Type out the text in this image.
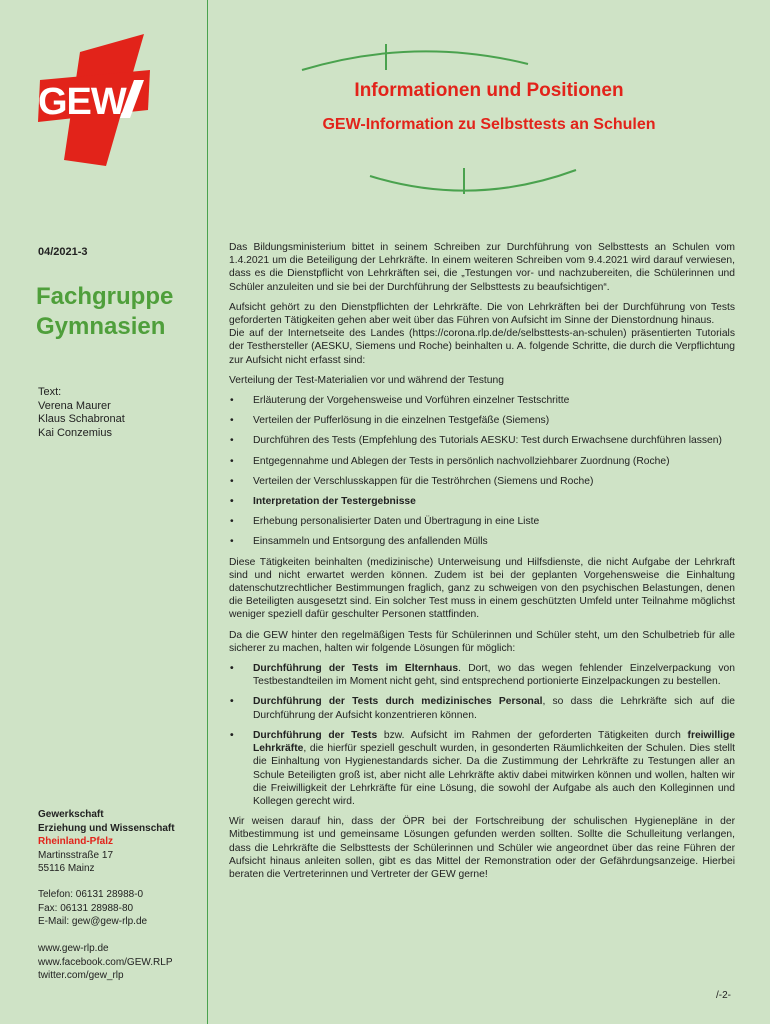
GEW
04/2021-3
Fachgruppe
Gymnasien
Text:
Verena Maurer
Klaus Schabronat
Kai Conzemius
Gewerkschaft
Erziehung und Wissenschaft
Rheinland-Pfalz
Martinsstraße 17
55116 Mainz
Telefon: 06131 28988-0
Fax: 06131 28988-80
E-Mail: gew@gew-rlp.de
www.gew-rlp.de
www.facebook.com/GEW.RLP
twitter.com/gew_rlp
Informationen und Positionen
GEW-Information zu Selbsttests an Schulen

Das Bildungsministerium bittet in seinem Schreiben zur Durchführung von Selbsttests an Schulen vom 1.4.2021 um die Beteiligung der Lehrkräfte. In einem weiteren Schreiben vom 9.4.2021 wird darauf verwiesen, dass es die Dienstpflicht von Lehrkräften sei, die „Testungen vor- und nachzubereiten, die Schülerinnen und Schüler anzuleiten und sie bei der Durchführung der Selbsttests zu beaufsichtigen“.

Aufsicht gehört zu den Dienstpflichten der Lehrkräfte. Die von Lehrkräften bei der Durchführung von Tests geforderten Tätigkeiten gehen aber weit über das Führen von Aufsicht im Sinne der Dienstordnung hinaus.

Die auf der Internetseite des Landes (https://corona.rlp.de/de/selbsttests-an-schulen) präsentierten Tutorials der Testhersteller (AESKU, Siemens und Roche) beinhalten u. A. folgende Schritte, die durch die Verpflichtung zur Aufsicht nicht erfasst sind:

Verteilung der Test-Materialien vor und während der Testung

• Erläuterung der Vorgehensweise und Vorführen einzelner Testschritte
• Verteilen der Pufferlösung in die einzelnen Testgefäße (Siemens)
• Durchführen des Tests (Empfehlung des Tutorials AESKU: Test durch Erwachsene durchführen lassen)
• Entgegennahme und Ablegen der Tests in persönlich nachvollziehbarer Zuordnung (Roche)
• Verteilen der Verschlusskappen für die Teströhrchen (Siemens und Roche)
• Interpretation der Testergebnisse
• Erhebung personalisierter Daten und Übertragung in eine Liste
• Einsammeln und Entsorgung des anfallenden Mülls

Diese Tätigkeiten beinhalten (medizinische) Unterweisung und Hilfsdienste, die nicht Aufgabe der Lehrkraft sind und nicht erwartet werden können. Zudem ist bei der geplanten Vorgehensweise die Einhaltung datenschutzrechtlicher Bestimmungen fraglich, ganz zu schweigen von den psychischen Belastungen, denen die Beteiligten ausgesetzt sind. Ein solcher Test muss in einem geschützten Umfeld unter Teilnahme möglichst weniger speziell dafür geschulter Personen stattfinden.

Da die GEW hinter den regelmäßigen Tests für Schülerinnen und Schüler steht, um den Schulbetrieb für alle sicherer zu machen, halten wir folgende Lösungen für möglich:

• Durchführung der Tests im Elternhaus. Dort, wo das wegen fehlender Einzelverpackung von Testbestandteilen im Moment nicht geht, sind entsprechend portionierte Einzelpackungen zu bestellen.
• Durchführung der Tests durch medizinisches Personal, so dass die Lehrkräfte sich auf die Durchführung der Aufsicht konzentrieren können.
• Durchführung der Tests bzw. Aufsicht im Rahmen der geforderten Tätigkeiten durch freiwillige Lehrkräfte, die hierfür speziell geschult wurden, in gesonderten Räumlichkeiten der Schulen. Dies stellt die Einhaltung von Hygienestandards sicher. Da die Zustimmung der Lehrkräfte zu Testungen aller an Schule Beteiligten groß ist, aber nicht alle Lehrkräfte aktiv dabei mitwirken können und wollen, halten wir die Freiwilligkeit der Lehrkräfte für eine Lösung, die sowohl der Aufgabe als auch den Kolleginnen und Kollegen gerecht wird.

Wir weisen darauf hin, dass der ÖPR bei der Fortschreibung der schulischen Hygienepläne in der Mitbestimmung ist und gemeinsame Lösungen gefunden werden sollten. Sollte die Schulleitung verlangen, dass die Lehrkräfte die Selbsttests der Schülerinnen und Schüler wie angeordnet über das reine Führen der Aufsicht hinaus anleiten sollen, gibt es das Mittel der Remonstration oder der Gefährdungsanzeige. Hierbei beraten die Vertreterinnen und Vertreter der GEW gerne!

/-2-
